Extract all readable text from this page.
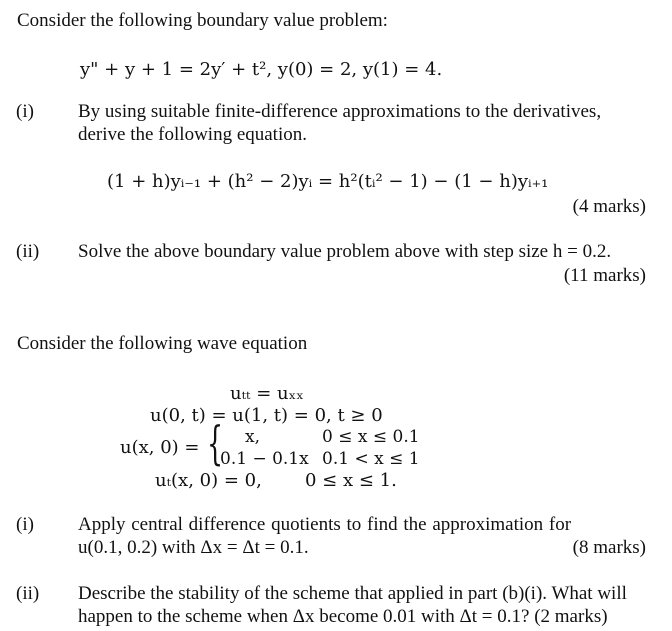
Consider the following boundary value problem:
y" + y + 1 = 2y′ + t², y(0) = 2, y(1) = 4.
(i) By using suitable finite-difference approximations to the derivatives,
derive the following equation.
(1 + h)yᵢ₋₁ + (h² − 2)yᵢ = h²(tᵢ² − 1) − (1 − h)yᵢ₊₁
(4 marks)
(ii) Solve the above boundary value problem above with step size h = 0.2.
(11 marks)
Consider the following wave equation
uₜₜ = uₓₓ
u(0, t) = u(1, t) = 0, t ≥ 0
u(x, 0) = { x,	0 ≤ x ≤ 0.1
0.1 − 0.1x 0.1 < x ≤ 1
uₜ(x, 0) = 0, 0 ≤ x ≤ 1.
(i) Apply central difference quotients to find the approximation for
u(0.1, 0.2) with Δx = Δt = 0.1.	(8 marks)
(ii) Describe the stability of the scheme that applied in part (b)(i). What will
happen to the scheme when Δx become 0.01 with Δt = 0.1? (2 marks)
